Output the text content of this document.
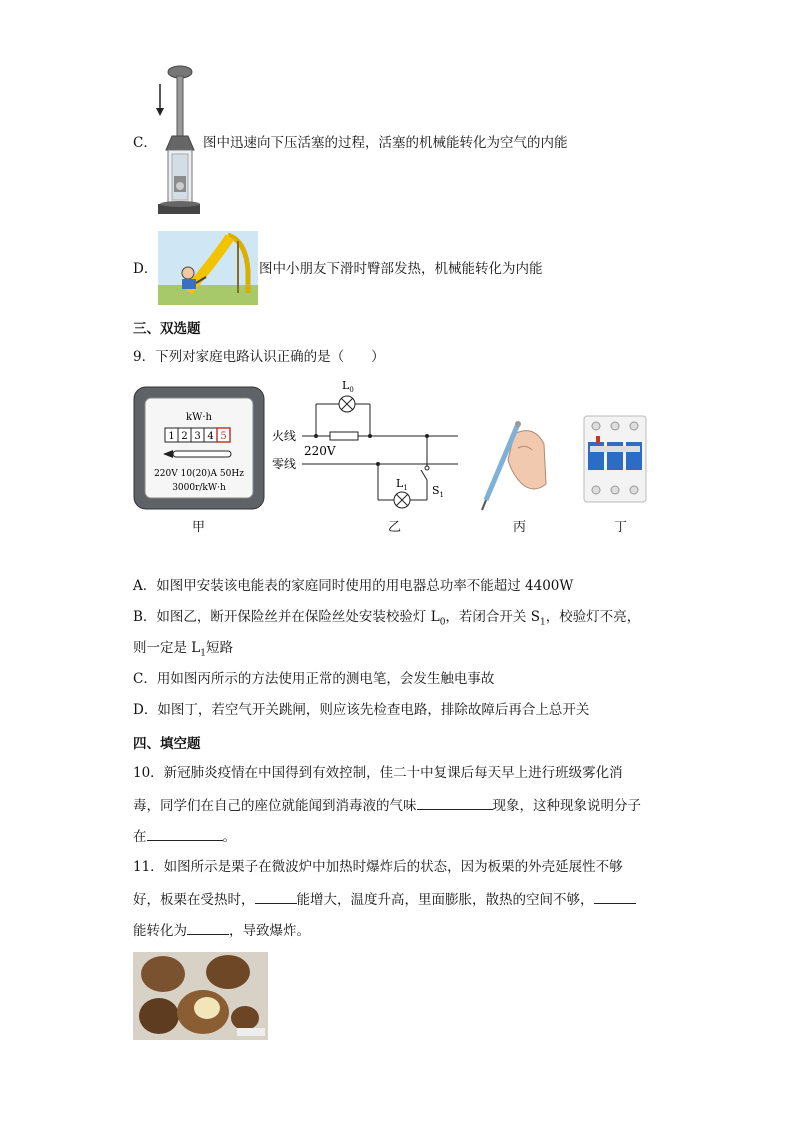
C．	图中迅速向下压活塞的过程，活塞的机械能转化为空气的内能
D．	图中小朋友下滑时臀部发热，机械能转化为内能
三、双选题
9．下列对家庭电路认识正确的是（　　）
kW·h
1 2 3 4 5
220V 10(20)A 50Hz
3000r/kW·h
甲
$L_0$
火线
220V
零线
$L_1$ $S_1$
乙	丙	丁
A．如图甲安装该电能表的家庭同时使用的用电器总功率不能超过 4400W
B．如图乙，断开保险丝并在保险丝处安装校验灯 $L_0$，若闭合开关 $S_1$，校验灯不亮，
则一定是 $L_1$短路
C．用如图丙所示的方法使用正常的测电笔，会发生触电事故
D．如图丁，若空气开关跳闸，则应该先检查电路，排除故障后再合上总开关
四、填空题
10．新冠肺炎疫情在中国得到有效控制，佳二十中复课后每天早上进行班级雾化消
毒，同学们在自己的座位就能闻到消毒液的气味	现象，这种现象说明分子
在	。
11．如图所示是栗子在微波炉中加热时爆炸后的状态，因为板栗的外壳延展性不够
好，板栗在受热时，	能增大，温度升高，里面膨胀，散热的空间不够，
能转化为	，导致爆炸。
